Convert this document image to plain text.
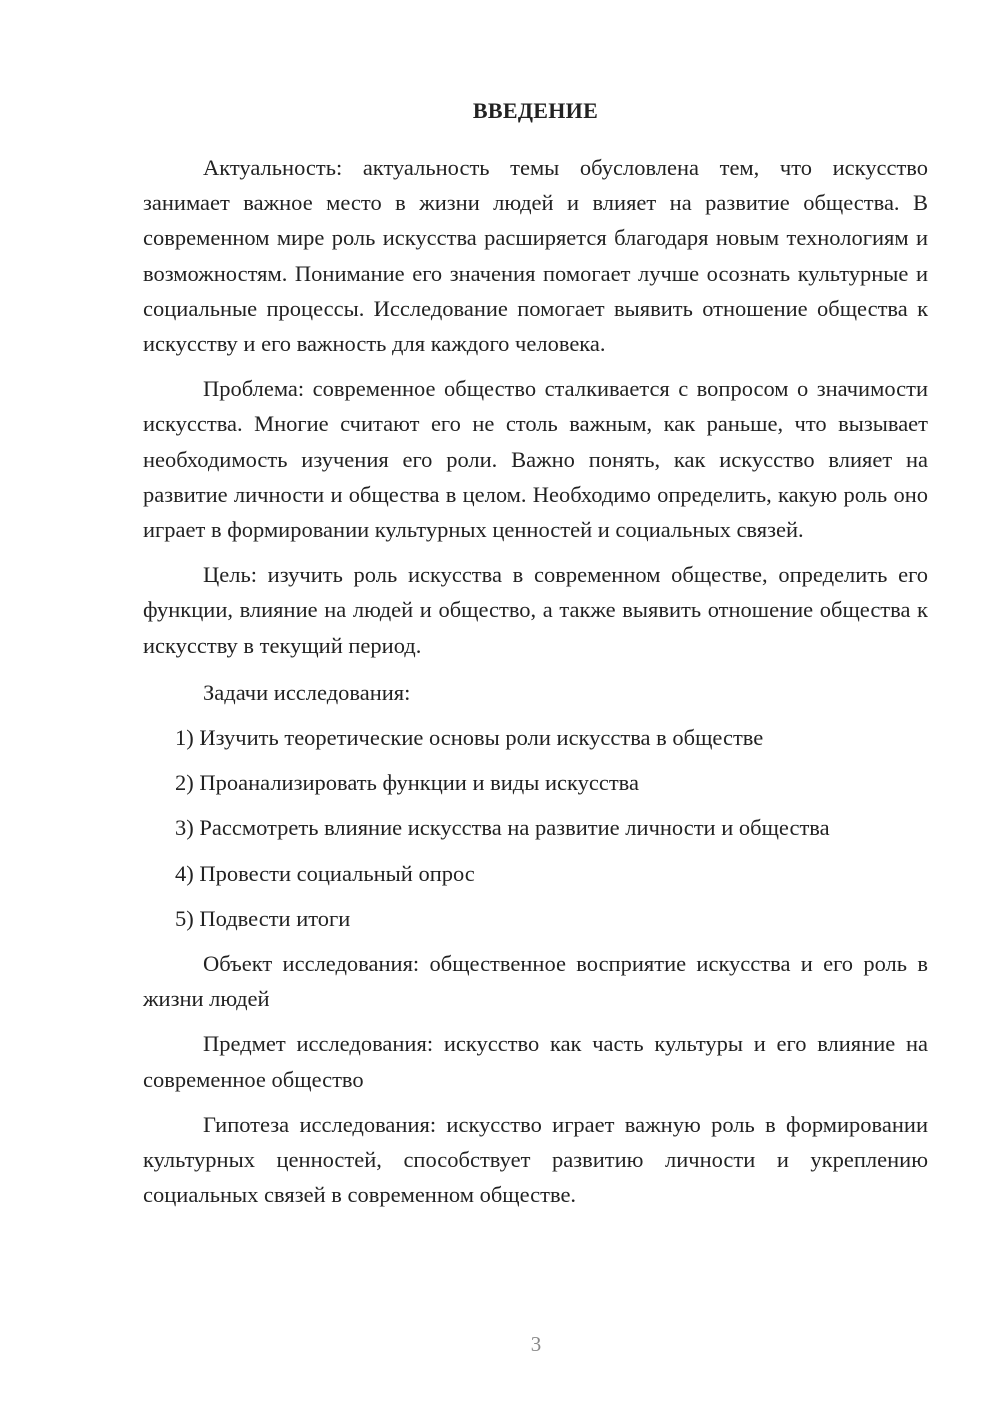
ВВЕДЕНИЕ

Актуальность: актуальность темы обусловлена тем, что искусство занимает важное место в жизни людей и влияет на развитие общества. В современном мире роль искусства расширяется благодаря новым технологиям и возможностям. Понимание его значения помогает лучше осознать культурные и социальные процессы. Исследование помогает выявить отношение общества к искусству и его важность для каждого человека.

Проблема: современное общество сталкивается с вопросом о значимости искусства. Многие считают его не столь важным, как раньше, что вызывает необходимость изучения его роли. Важно понять, как искусство влияет на развитие личности и общества в целом. Необходимо определить, какую роль оно играет в формировании культурных ценностей и социальных связей.

Цель: изучить роль искусства в современном обществе, определить его функции, влияние на людей и общество, а также выявить отношение общества к искусству в текущий период.

Задачи исследования:

1) Изучить теоретические основы роли искусства в обществе

2) Проанализировать функции и виды искусства

3) Рассмотреть влияние искусства на развитие личности и общества

4) Провести социальный опрос

5) Подвести итоги

Объект исследования: общественное восприятие искусства и его роль в жизни людей

Предмет исследования: искусство как часть культуры и его влияние на современное общество

Гипотеза исследования: искусство играет важную роль в формировании культурных ценностей, способствует развитию личности и укреплению социальных связей в современном обществе.

3
